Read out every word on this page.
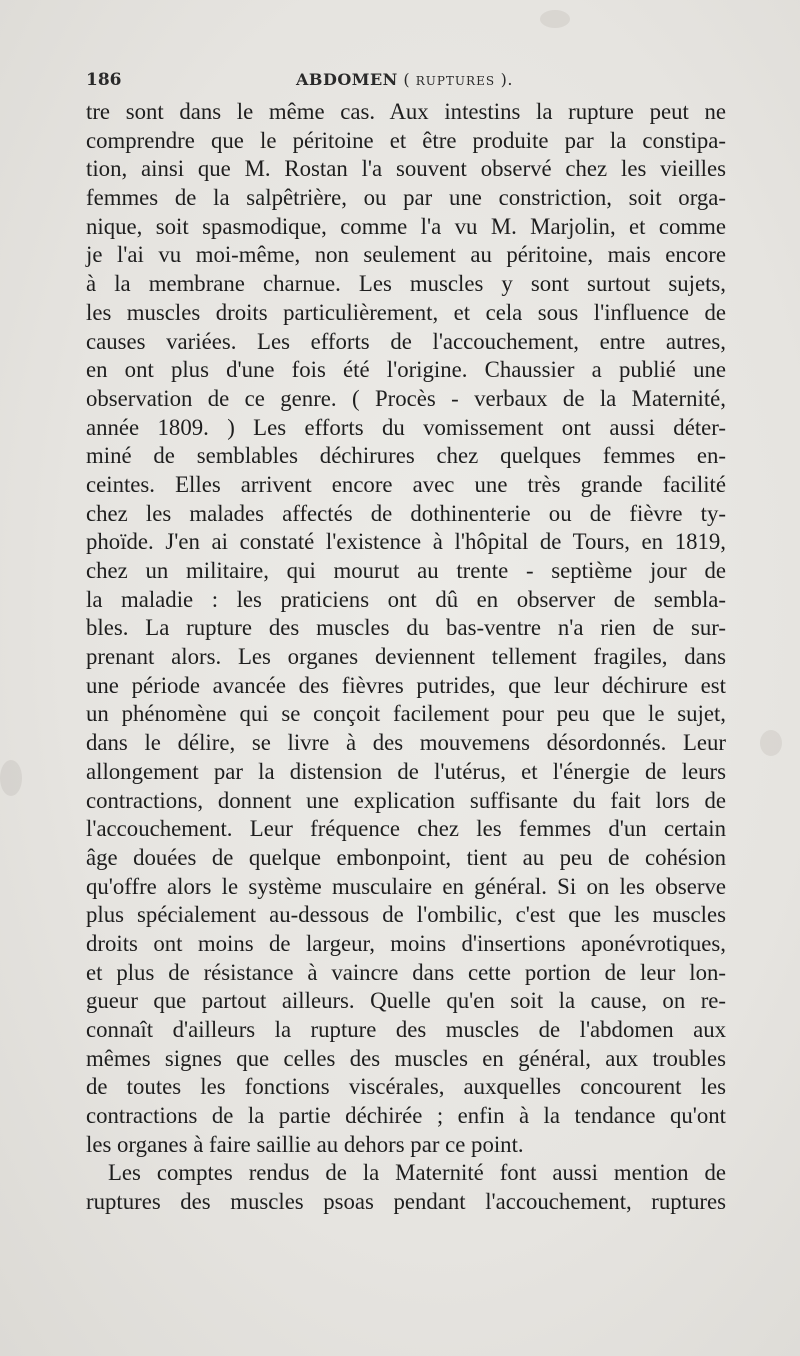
186	ABDOMEN ( RUPTURES ).
tre sont dans le même cas. Aux intestins la rupture peut ne
comprendre que le péritoine et être produite par la constipa-
tion, ainsi que M. Rostan l'a souvent observé chez les vieilles
femmes de la salpêtrière, ou par une constriction, soit orga-
nique, soit spasmodique, comme l'a vu M. Marjolin, et comme
je l'ai vu moi-même, non seulement au péritoine, mais encore
à la membrane charnue. Les muscles y sont surtout sujets,
les muscles droits particulièrement, et cela sous l'influence de
causes variées. Les efforts de l'accouchement, entre autres,
en ont plus d'une fois été l'origine. Chaussier a publié une
observation de ce genre. ( Procès - verbaux de la Maternité,
année 1809. ) Les efforts du vomissement ont aussi déter-
miné de semblables déchirures chez quelques femmes en-
ceintes. Elles arrivent encore avec une très grande facilité
chez les malades affectés de dothinenterie ou de fièvre ty-
phoïde. J'en ai constaté l'existence à l'hôpital de Tours, en 1819,
chez un militaire, qui mourut au trente - septième jour de
la maladie : les praticiens ont dû en observer de sembla-
bles. La rupture des muscles du bas-ventre n'a rien de sur-
prenant alors. Les organes deviennent tellement fragiles, dans
une période avancée des fièvres putrides, que leur déchirure est
un phénomène qui se conçoit facilement pour peu que le sujet,
dans le délire, se livre à des mouvemens désordonnés. Leur
allongement par la distension de l'utérus, et l'énergie de leurs
contractions, donnent une explication suffisante du fait lors de
l'accouchement. Leur fréquence chez les femmes d'un certain
âge douées de quelque embonpoint, tient au peu de cohésion
qu'offre alors le système musculaire en général. Si on les observe
plus spécialement au-dessous de l'ombilic, c'est que les muscles
droits ont moins de largeur, moins d'insertions aponévrotiques,
et plus de résistance à vaincre dans cette portion de leur lon-
gueur que partout ailleurs. Quelle qu'en soit la cause, on re-
connaît d'ailleurs la rupture des muscles de l'abdomen aux
mêmes signes que celles des muscles en général, aux troubles
de toutes les fonctions viscérales, auxquelles concourent les
contractions de la partie déchirée ; enfin à la tendance qu'ont
les organes à faire saillie au dehors par ce point.
Les comptes rendus de la Maternité font aussi mention de
ruptures des muscles psoas pendant l'accouchement, ruptures
